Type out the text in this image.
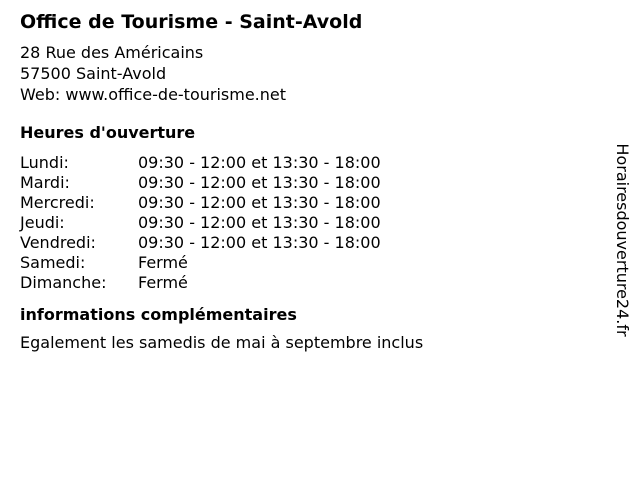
Office de Tourisme - Saint-Avold
28 Rue des Américains
57500 Saint-Avold
Web: www.office-de-tourisme.net
Heures d'ouverture
Lundi:	09:30 - 12:00 et 13:30 - 18:00
Mardi:	09:30 - 12:00 et 13:30 - 18:00
Mercredi:	09:30 - 12:00 et 13:30 - 18:00
Jeudi:	09:30 - 12:00 et 13:30 - 18:00
Vendredi:	09:30 - 12:00 et 13:30 - 18:00
Samedi:	Fermé
Dimanche:	Fermé
informations complémentaires
Egalement les samedis de mai à septembre inclus
Horairesdouverture24.fr
